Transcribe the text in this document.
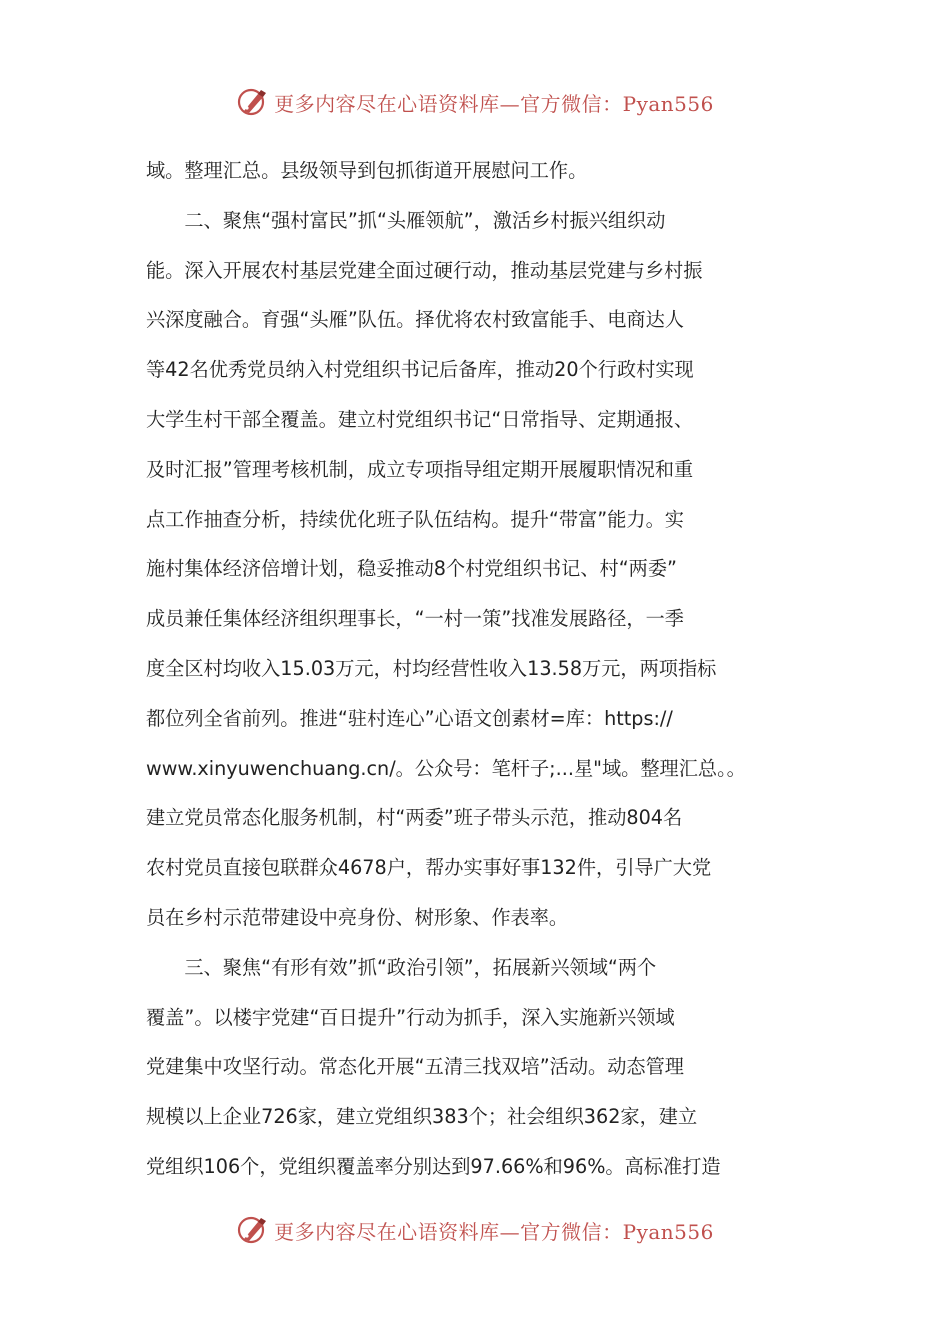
更多内容尽在心语资料库—官方微信：Pyan556

域。整理汇总。县级领导到包抓街道开展慰问工作。

　　二、聚焦“强村富民”抓“头雁领航”，激活乡村振兴组织动

能。深入开展农村基层党建全面过硬行动，推动基层党建与乡村振

兴深度融合。育强“头雁”队伍。择优将农村致富能手、电商达人

等42名优秀党员纳入村党组织书记后备库，推动20个行政村实现

大学生村干部全覆盖。建立村党组织书记“日常指导、定期通报、

及时汇报”管理考核机制，成立专项指导组定期开展履职情况和重

点工作抽查分析，持续优化班子队伍结构。提升“带富”能力。实

施村集体经济倍增计划，稳妥推动8个村党组织书记、村“两委”

成员兼任集体经济组织理事长，“一村一策”找准发展路径，一季

度全区村均收入15.03万元，村均经营性收入13.58万元，两项指标

都位列全省前列。推进“驻村连心”心语文创素材=库：https://

www.xinyuwenchuang.cn/。公众号：笔杆子;...星"域。整理汇总。。

建立党员常态化服务机制，村“两委”班子带头示范，推动804名

农村党员直接包联群众4678户，帮办实事好事132件，引导广大党

员在乡村示范带建设中亮身份、树形象、作表率。

　　三、聚焦“有形有效”抓“政治引领”，拓展新兴领域“两个

覆盖”。以楼宇党建“百日提升”行动为抓手，深入实施新兴领域

党建集中攻坚行动。常态化开展“五清三找双培”活动。动态管理

规模以上企业726家，建立党组织383个；社会组织362家，建立

党组织106个，党组织覆盖率分别达到97.66%和96%。高标准打造

更多内容尽在心语资料库—官方微信：Pyan556
